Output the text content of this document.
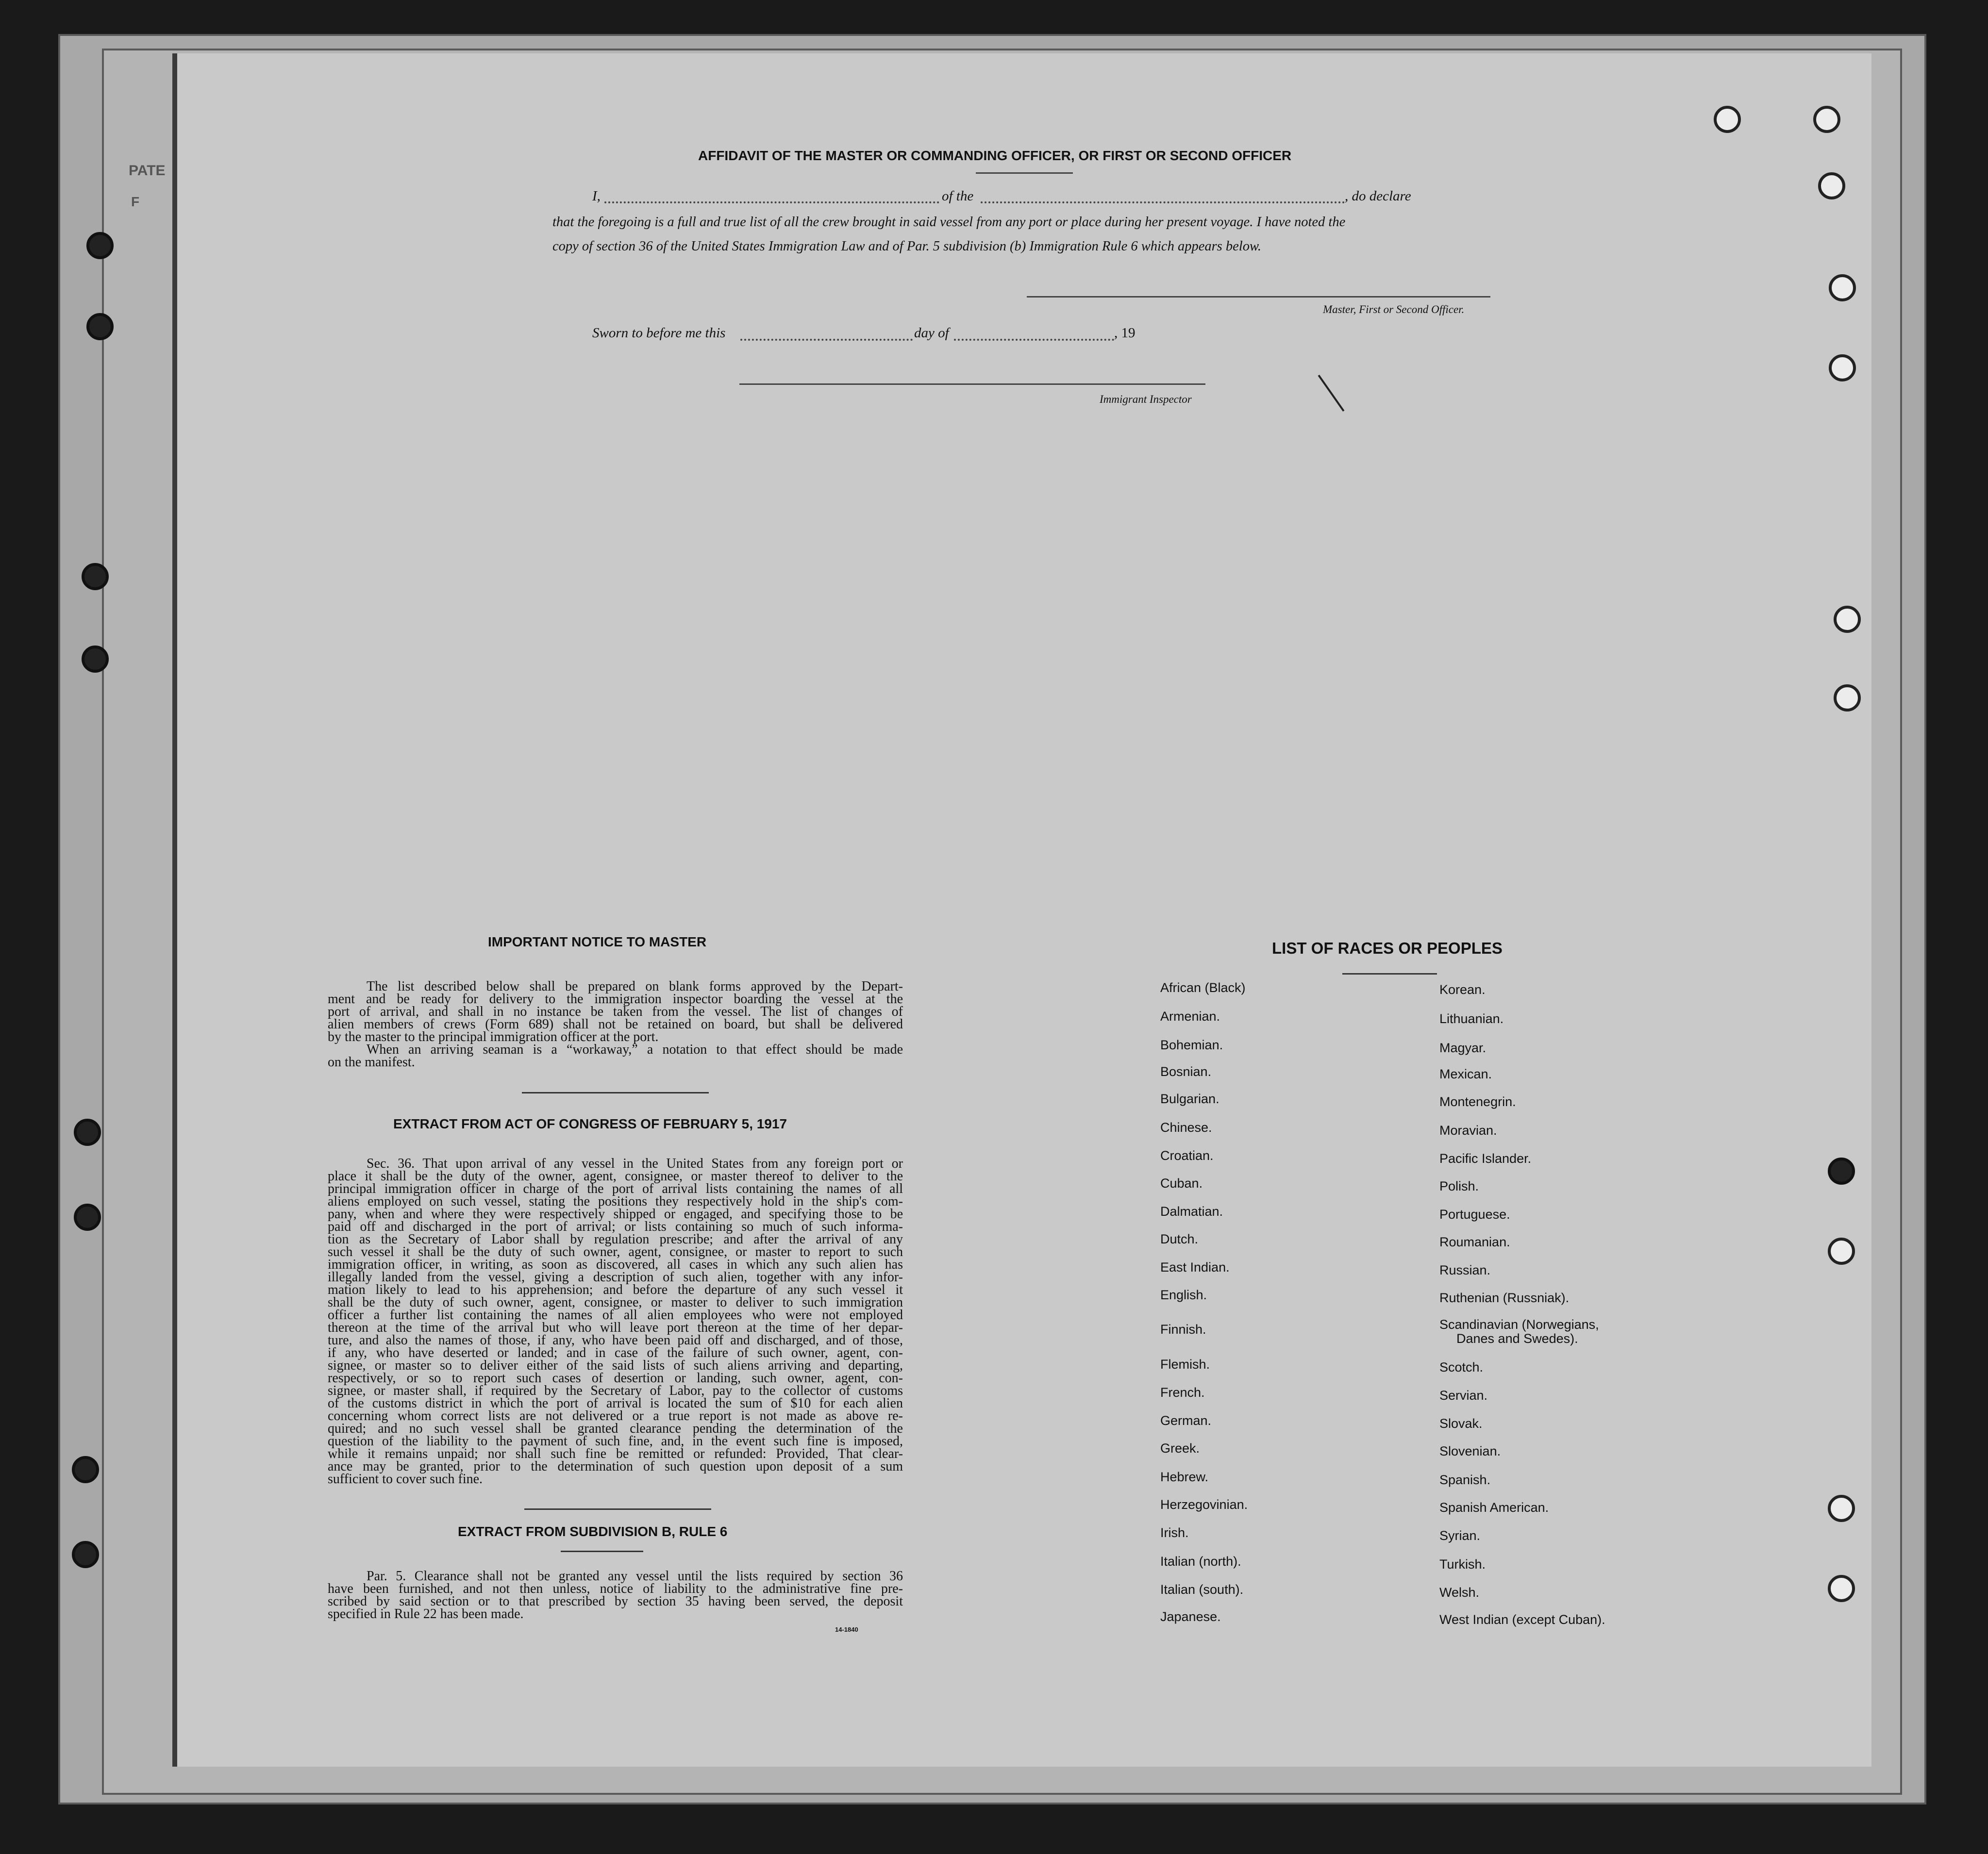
PATE
F
AFFIDAVIT OF THE MASTER OR COMMANDING OFFICER, OR FIRST OR SECOND OFFICER
I,	of the	, do declare
that the foregoing is a full and true list of all the crew brought in said vessel from any port or place during her present voyage. I have noted the
copy of section 36 of the United States Immigration Law and of Par. 5 subdivision (b) Immigration Rule 6 which appears below.
Master, First or Second Officer.
Sworn to before me this	day of	, 19
Immigrant Inspector
IMPORTANT NOTICE TO MASTER
The list described below shall be prepared on blank forms approved by the Depart-
ment and be ready for delivery to the immigration inspector boarding the vessel at the
port of arrival, and shall in no instance be taken from the vessel. The list of changes of
alien members of crews (Form 689) shall not be retained on board, but shall be delivered
by the master to the principal immigration officer at the port.
When an arriving seaman is a “workaway,” a notation to that effect should be made
on the manifest.
EXTRACT FROM ACT OF CONGRESS OF FEBRUARY 5, 1917
Sec. 36. That upon arrival of any vessel in the United States from any foreign port or
place it shall be the duty of the owner, agent, consignee, or master thereof to deliver to the
principal immigration officer in charge of the port of arrival lists containing the names of all
aliens employed on such vessel, stating the positions they respectively hold in the ship's com-
pany, when and where they were respectively shipped or engaged, and specifying those to be
paid off and discharged in the port of arrival; or lists containing so much of such informa-
tion as the Secretary of Labor shall by regulation prescribe; and after the arrival of any
such vessel it shall be the duty of such owner, agent, consignee, or master to report to such
immigration officer, in writing, as soon as discovered, all cases in which any such alien has
illegally landed from the vessel, giving a description of such alien, together with any infor-
mation likely to lead to his apprehension; and before the departure of any such vessel it
shall be the duty of such owner, agent, consignee, or master to deliver to such immigration
officer a further list containing the names of all alien employees who were not employed
thereon at the time of the arrival but who will leave port thereon at the time of her depar-
ture, and also the names of those, if any, who have been paid off and discharged, and of those,
if any, who have deserted or landed; and in case of the failure of such owner, agent, con-
signee, or master so to deliver either of the said lists of such aliens arriving and departing,
respectively, or so to report such cases of desertion or landing, such owner, agent, con-
signee, or master shall, if required by the Secretary of Labor, pay to the collector of customs
of the customs district in which the port of arrival is located the sum of $10 for each alien
concerning whom correct lists are not delivered or a true report is not made as above re-
quired; and no such vessel shall be granted clearance pending the determination of the
question of the liability to the payment of such fine, and, in the event such fine is imposed,
while it remains unpaid; nor shall such fine be remitted or refunded: Provided, That clear-
ance may be granted, prior to the determination of such question upon deposit of a sum
sufficient to cover such fine.
EXTRACT FROM SUBDIVISION B, RULE 6
Par. 5. Clearance shall not be granted any vessel until the lists required by section 36
have been furnished, and not then unless, notice of liability to the administrative fine pre-
scribed by said section or to that prescribed by section 35 having been served, the deposit
specified in Rule 22 has been made.
14-1840
LIST OF RACES OR PEOPLES
African (Black)
Armenian.
Bohemian.
Bosnian.
Bulgarian.
Chinese.
Croatian.
Cuban.
Dalmatian.
Dutch.
East Indian.
English.
Finnish.
Flemish.
French.
German.
Greek.
Hebrew.
Herzegovinian.
Irish.
Italian (north).
Italian (south).
Japanese.
Korean.
Lithuanian.
Magyar.
Mexican.
Montenegrin.
Moravian.
Pacific Islander.
Polish.
Portuguese.
Roumanian.
Russian.
Ruthenian (Russniak).
Scandinavian (Norwegians,
Danes and Swedes).
Scotch.
Servian.
Slovak.
Slovenian.
Spanish.
Spanish American.
Syrian.
Turkish.
Welsh.
West Indian (except Cuban).
